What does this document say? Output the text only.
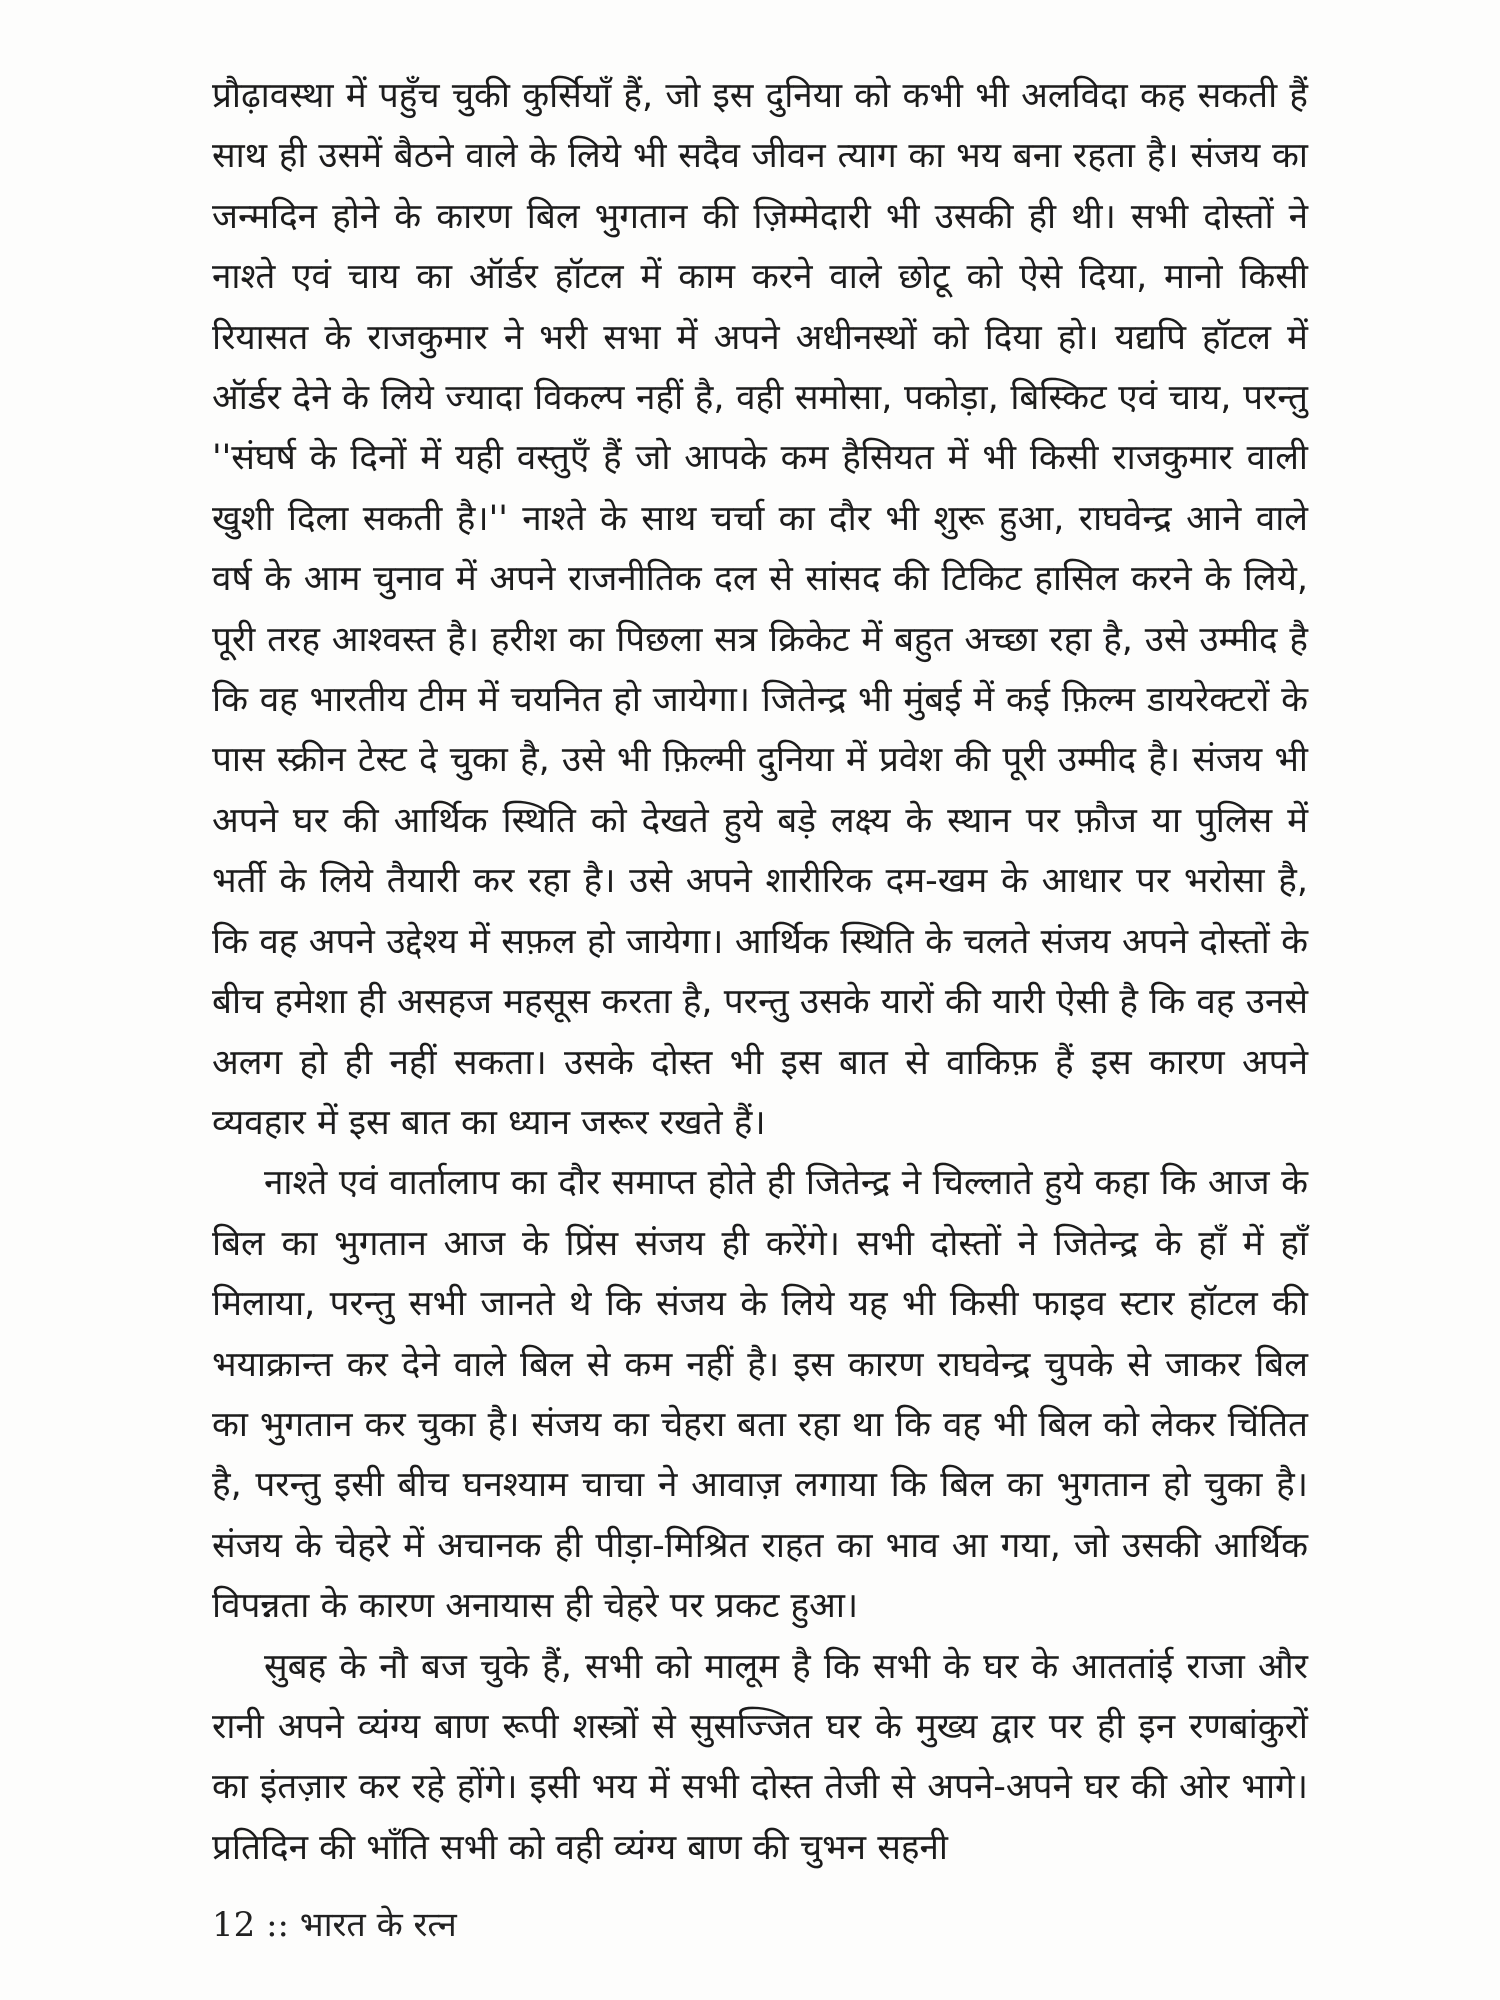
प्रौढ़ावस्था में पहुँच चुकी कुर्सियाँ हैं, जो इस दुनिया को कभी भी अलविदा कह सकती हैं साथ ही उसमें बैठने वाले के लिये भी सदैव जीवन त्याग का भय बना रहता है। संजय का जन्मदिन होने के कारण बिल भुगतान की ज़िम्मेदारी भी उसकी ही थी। सभी दोस्तों ने नाश्ते एवं चाय का ऑर्डर हॉटल में काम करने वाले छोटू को ऐसे दिया, मानो किसी रियासत के राजकुमार ने भरी सभा में अपने अधीनस्थों को दिया हो। यद्यपि हॉटल में ऑर्डर देने के लिये ज्यादा विकल्प नहीं है, वही समोसा, पकोड़ा, बिस्किट एवं चाय, परन्तु ''संघर्ष के दिनों में यही वस्तुएँ हैं जो आपके कम हैसियत में भी किसी राजकुमार वाली खुशी दिला सकती है।'' नाश्ते के साथ चर्चा का दौर भी शुरू हुआ, राघवेन्द्र आने वाले वर्ष के आम चुनाव में अपने राजनीतिक दल से सांसद की टिकिट हासिल करने के लिये, पूरी तरह आश्वस्त है। हरीश का पिछला सत्र क्रिकेट में बहुत अच्छा रहा है, उसे उम्मीद है कि वह भारतीय टीम में चयनित हो जायेगा। जितेन्द्र भी मुंबई में कई फ़िल्म डायरेक्टरों के पास स्क्रीन टेस्ट दे चुका है, उसे भी फ़िल्मी दुनिया में प्रवेश की पूरी उम्मीद है। संजय भी अपने घर की आर्थिक स्थिति को देखते हुये बड़े लक्ष्य के स्थान पर फ़ौज या पुलिस में भर्ती के लिये तैयारी कर रहा है। उसे अपने शारीरिक दम-खम के आधार पर भरोसा है, कि वह अपने उद्देश्य में सफ़ल हो जायेगा। आर्थिक स्थिति के चलते संजय अपने दोस्तों के बीच हमेशा ही असहज महसूस करता है, परन्तु उसके यारों की यारी ऐसी है कि वह उनसे अलग हो ही नहीं सकता। उसके दोस्त भी इस बात से वाकिफ़ हैं इस कारण अपने व्यवहार में इस बात का ध्यान जरूर रखते हैं।

नाश्ते एवं वार्तालाप का दौर समाप्त होते ही जितेन्द्र ने चिल्लाते हुये कहा कि आज के बिल का भुगतान आज के प्रिंस संजय ही करेंगे। सभी दोस्तों ने जितेन्द्र के हाँ में हाँ मिलाया, परन्तु सभी जानते थे कि संजय के लिये यह भी किसी फाइव स्टार हॉटल की भयाक्रान्त कर देने वाले बिल से कम नहीं है। इस कारण राघवेन्द्र चुपके से जाकर बिल का भुगतान कर चुका है। संजय का चेहरा बता रहा था कि वह भी बिल को लेकर चिंतित है, परन्तु इसी बीच घनश्याम चाचा ने आवाज़ लगाया कि बिल का भुगतान हो चुका है। संजय के चेहरे में अचानक ही पीड़ा-मिश्रित राहत का भाव आ गया, जो उसकी आर्थिक विपन्नता के कारण अनायास ही चेहरे पर प्रकट हुआ।

सुबह के नौ बज चुके हैं, सभी को मालूम है कि सभी के घर के आततांई राजा और रानी अपने व्यंग्य बाण रूपी शस्त्रों से सुसज्जित घर के मुख्य द्वार पर ही इन रणबांकुरों का इंतज़ार कर रहे होंगे। इसी भय में सभी दोस्त तेजी से अपने-अपने घर की ओर भागे। प्रतिदिन की भाँति सभी को वही व्यंग्य बाण की चुभन सहनी

12 :: भारत के रत्न
